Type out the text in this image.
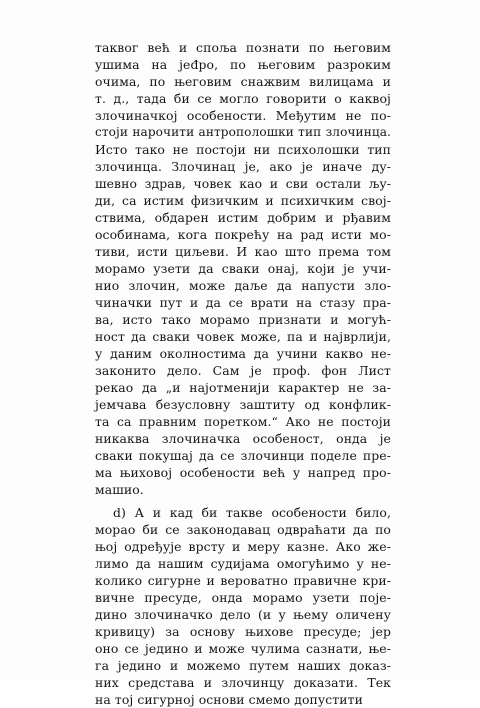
таквог већ и споља познати по његовим
ушима на јеđро, по његовим разроким
очима, по његовим снажвим вилицама и
т. д., тада би се могло говорити о каквој
злочиначкој особености. Међутим не по-
стоји нарочити антрополошки тип злочинца.
Исто тако не постоји ни психолошки тип
злочинца. Злочинац је, ако је иначе ду-
шевно здрав, човек као и сви остали љу-
ди, са истим физичким и психичким свој-
ствима, обдарен истим добрим и рђавим
особинама, кога покрећу на рад исти мо-
тиви, исти циљеви. И као што према том
морамо узети да сваки онај, који је учи-
нио злочин, може даље да напусти зло-
чиначки пут и да се врати на стазу пра-
ва, исто тако морамо признати и могућ-
ност да сваки човек може, па и најврлији,
у даним околностима да учини какво не-
законито дело. Сам је проф. фон Лист
рекао да „и најотменији карактер не за-
јемчава безусловну заштиту од конфлик-
та са правним поретком.“ Ако не постоји
никаква злочиначка особеност, онда је
сваки покушај да се злочинци поделе пре-
ма њиховој особености већ у напред про-
машио.
d) А и кад би такве особености било,
морао би се законодавац одвраћати да по
њој одређује врсту и меру казне. Ако же-
лимо да нашим судијама омогућимо у не-
колико сигурне и вероватно правичне кри-
вичне пресуде, онда морамо узети поје-
дино злочиначко дело (и у њему оличену
кривицу) за основу њихове пресуде; јер
оно се једино и може чулима сазнати, ње-
га једино и можемо путем наших доказ-
них средстава и злочинцу доказати. Тек
на тој сигурној основи смемо допустити
